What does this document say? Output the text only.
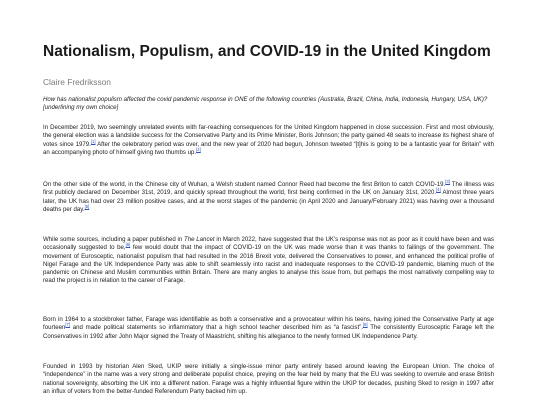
Nationalism, Populism, and COVID-19 in the United Kingdom
Claire Fredriksson
How has nationalist populism affected the covid pandemic response in ONE of the following countries (Australia, Brazil, China, India, Indonesia, Hungary, USA, UK)? [underlining my own choice]
In December 2019, two seemingly unrelated events with far-reaching consequences for the United Kingdom happened in close succession. First and most obviously, the general election was a landslide success for the Conservative Party and its Prime Minister, Boris Johnson; the party gained 48 seats to increase its highest share of votes since 1979.[1] After the celebratory period was over, and the new year of 2020 had begun, Johnson tweeted “[t]his is going to be a fantastic year for Britain” with an accompanying photo of himself giving two thumbs up.[2]
On the other side of the world, in the Chinese city of Wuhan, a Welsh student named Connor Reed had become the first Briton to catch COVID-19.[3] The illness was first publicly declared on December 31st, 2019, and quickly spread throughout the world, first being confirmed in the UK on January 31st, 2020.[4] Almost three years later, the UK has had over 23 million positive cases, and at the worst stages of the pandemic (in April 2020 and January/February 2021) was having over a thousand deaths per day.[5]
While some sources, including a paper published in The Lancet in March 2022, have suggested that the UK's response was not as poor as it could have been and was occasionally suggested to be,[6] few would doubt that the impact of COVID-19 on the UK was made worse than it was thanks to failings of the government. The movement of Eurosceptic, nationalist populism that had resulted in the 2016 Brexit vote, delivered the Conservatives to power, and enhanced the political profile of Nigel Farage and the UK Independence Party was able to shift seamlessly into racist and inadequate responses to the COVID-19 pandemic, blaming much of the pandemic on Chinese and Muslim communities within Britain. There are many angles to analyse this issue from, but perhaps the most narratively compelling way to read the project is in relation to the career of Farage.
Born in 1964 to a stockbroker father, Farage was identifiable as both a conservative and a provocateur within his teens, having joined the Conservative Party at age fourteen[7] and made political statements so inflammatory that a high school teacher described him as “a fascist”.[8] The consistently Eurosceptic Farage left the Conservatives in 1992 after John Major signed the Treaty of Maastricht, shifting his allegiance to the newly formed UK Independence Party.
Founded in 1993 by historian Alen Sked, UKIP were initially a single-issue minor party entirely based around leaving the European Union. The choice of “independence” in the name was a very strong and deliberate populist choice, preying on the fear held by many that the EU was seeking to overrule and erase British national sovereignty, absorbing the UK into a different nation. Farage was a highly influential figure within the UKIP for decades, pushing Sked to resign in 1997 after an influx of voters from the better-funded Referendum Party backed him up.
